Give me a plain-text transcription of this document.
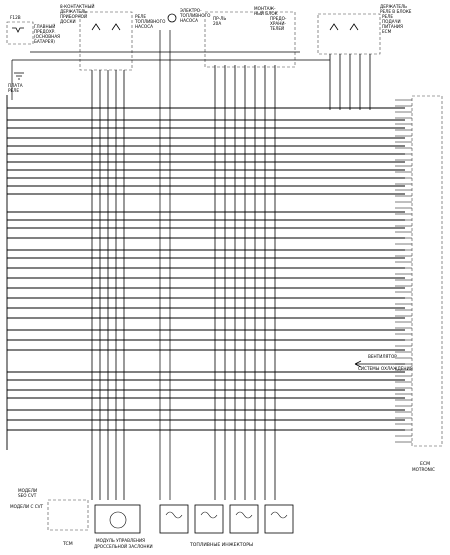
F12B
ГЛАВНЫЙ
ПРЕДОХР.
(ОСНОВНАЯ
БАТАРЕЯ)
8-КОНТАКТНЫЙ
ДЕРЖАТЕЛЬ
ПРИБОРНОЙ
ДОСКИ
РЕЛЕ
ТОПЛИВНОГО
НАСОСА
ЭЛЕКТРО-
ТОПЛИВНОГО
НАСОСА	ПР-ЛЬ
20A
МОНТАЖ-
НЫЙ БЛОК
ПРЕДО-
ХРАНИ-
ТЕЛЕЙ
ДЕРЖАТЕЛЬ
РЕЛЕ В БЛОКЕ
РЕЛЕ
ПОДАЧИ
ПИТАНИЯ
ECM
ПЛАТА
РЕЛЕ
ECM
MOTRONIC
ВЕНТИЛЯТОР
СИСТЕМЫ ОХЛАЖДЕНИЯ
МОДЕЛИ
SEO CVT
МОДЕЛИ С CVT
TCM
МОДУЛЬ УПРАВЛЕНИЯ
ДРОССЕЛЬНОЙ ЗАСЛОНКИ	ТОПЛИВНЫЕ ИНЖЕКТОРЫ
